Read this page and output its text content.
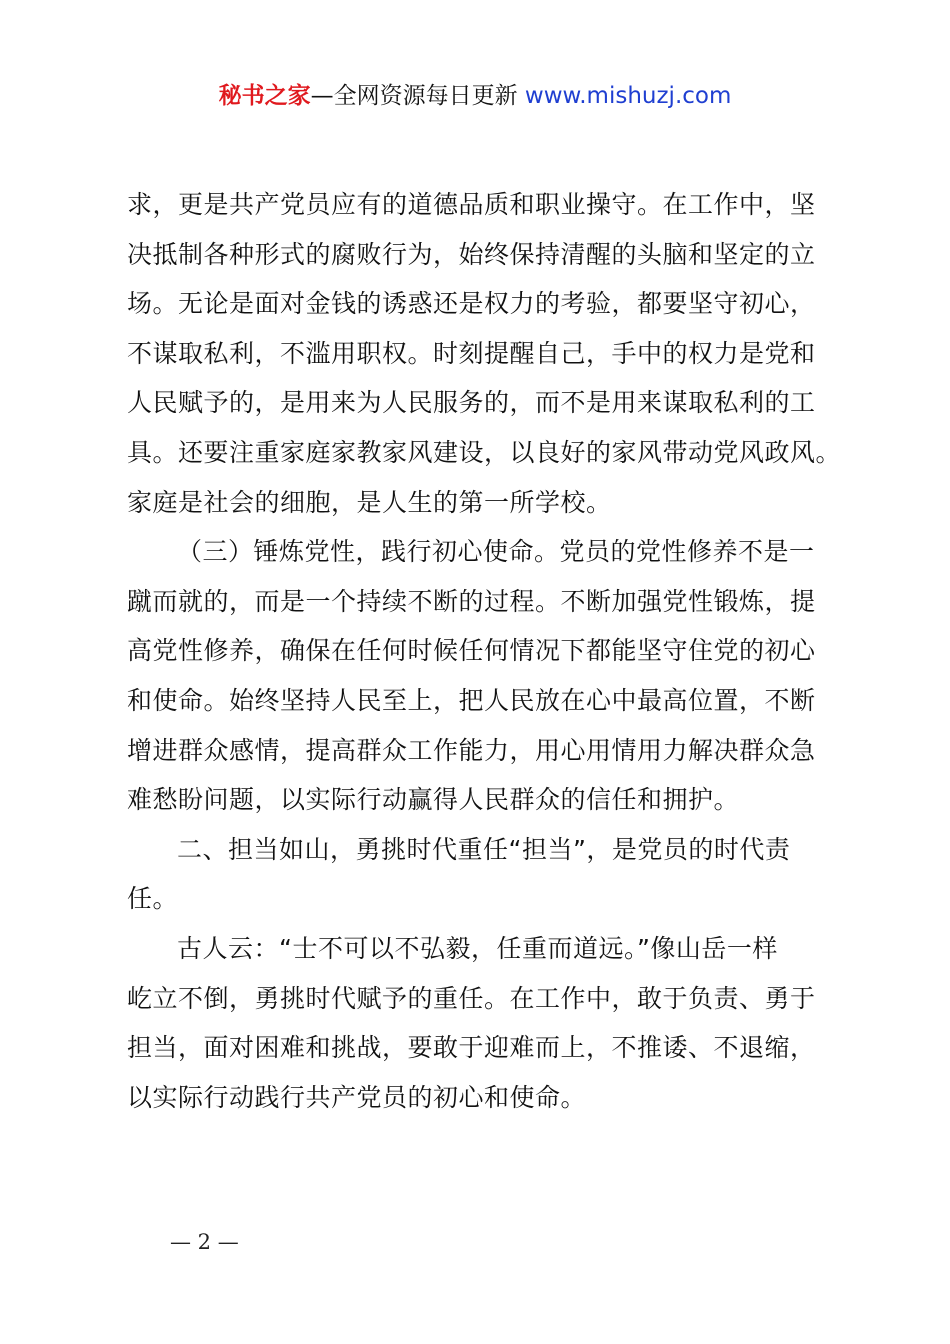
秘书之家—全网资源每日更新 www.mishuzj.com
求，更是共产党员应有的道德品质和职业操守。在工作中，坚
决抵制各种形式的腐败行为，始终保持清醒的头脑和坚定的立
场。无论是面对金钱的诱惑还是权力的考验，都要坚守初心，
不谋取私利，不滥用职权。时刻提醒自己，手中的权力是党和
人民赋予的，是用来为人民服务的，而不是用来谋取私利的工
具。还要注重家庭家教家风建设，以良好的家风带动党风政风。
家庭是社会的细胞，是人生的第一所学校。
（三）锤炼党性，践行初心使命。党员的党性修养不是一
蹴而就的，而是一个持续不断的过程。不断加强党性锻炼，提
高党性修养，确保在任何时候任何情况下都能坚守住党的初心
和使命。始终坚持人民至上，把人民放在心中最高位置，不断
增进群众感情，提高群众工作能力，用心用情用力解决群众急
难愁盼问题，以实际行动赢得人民群众的信任和拥护。
二、担当如山，勇挑时代重任“担当”，是党员的时代责
任。
古人云：“士不可以不弘毅，任重而道远。”像山岳一样
屹立不倒，勇挑时代赋予的重任。在工作中，敢于负责、勇于
担当，面对困难和挑战，要敢于迎难而上，不推诿、不退缩，
以实际行动践行共产党员的初心和使命。
— 2 —
